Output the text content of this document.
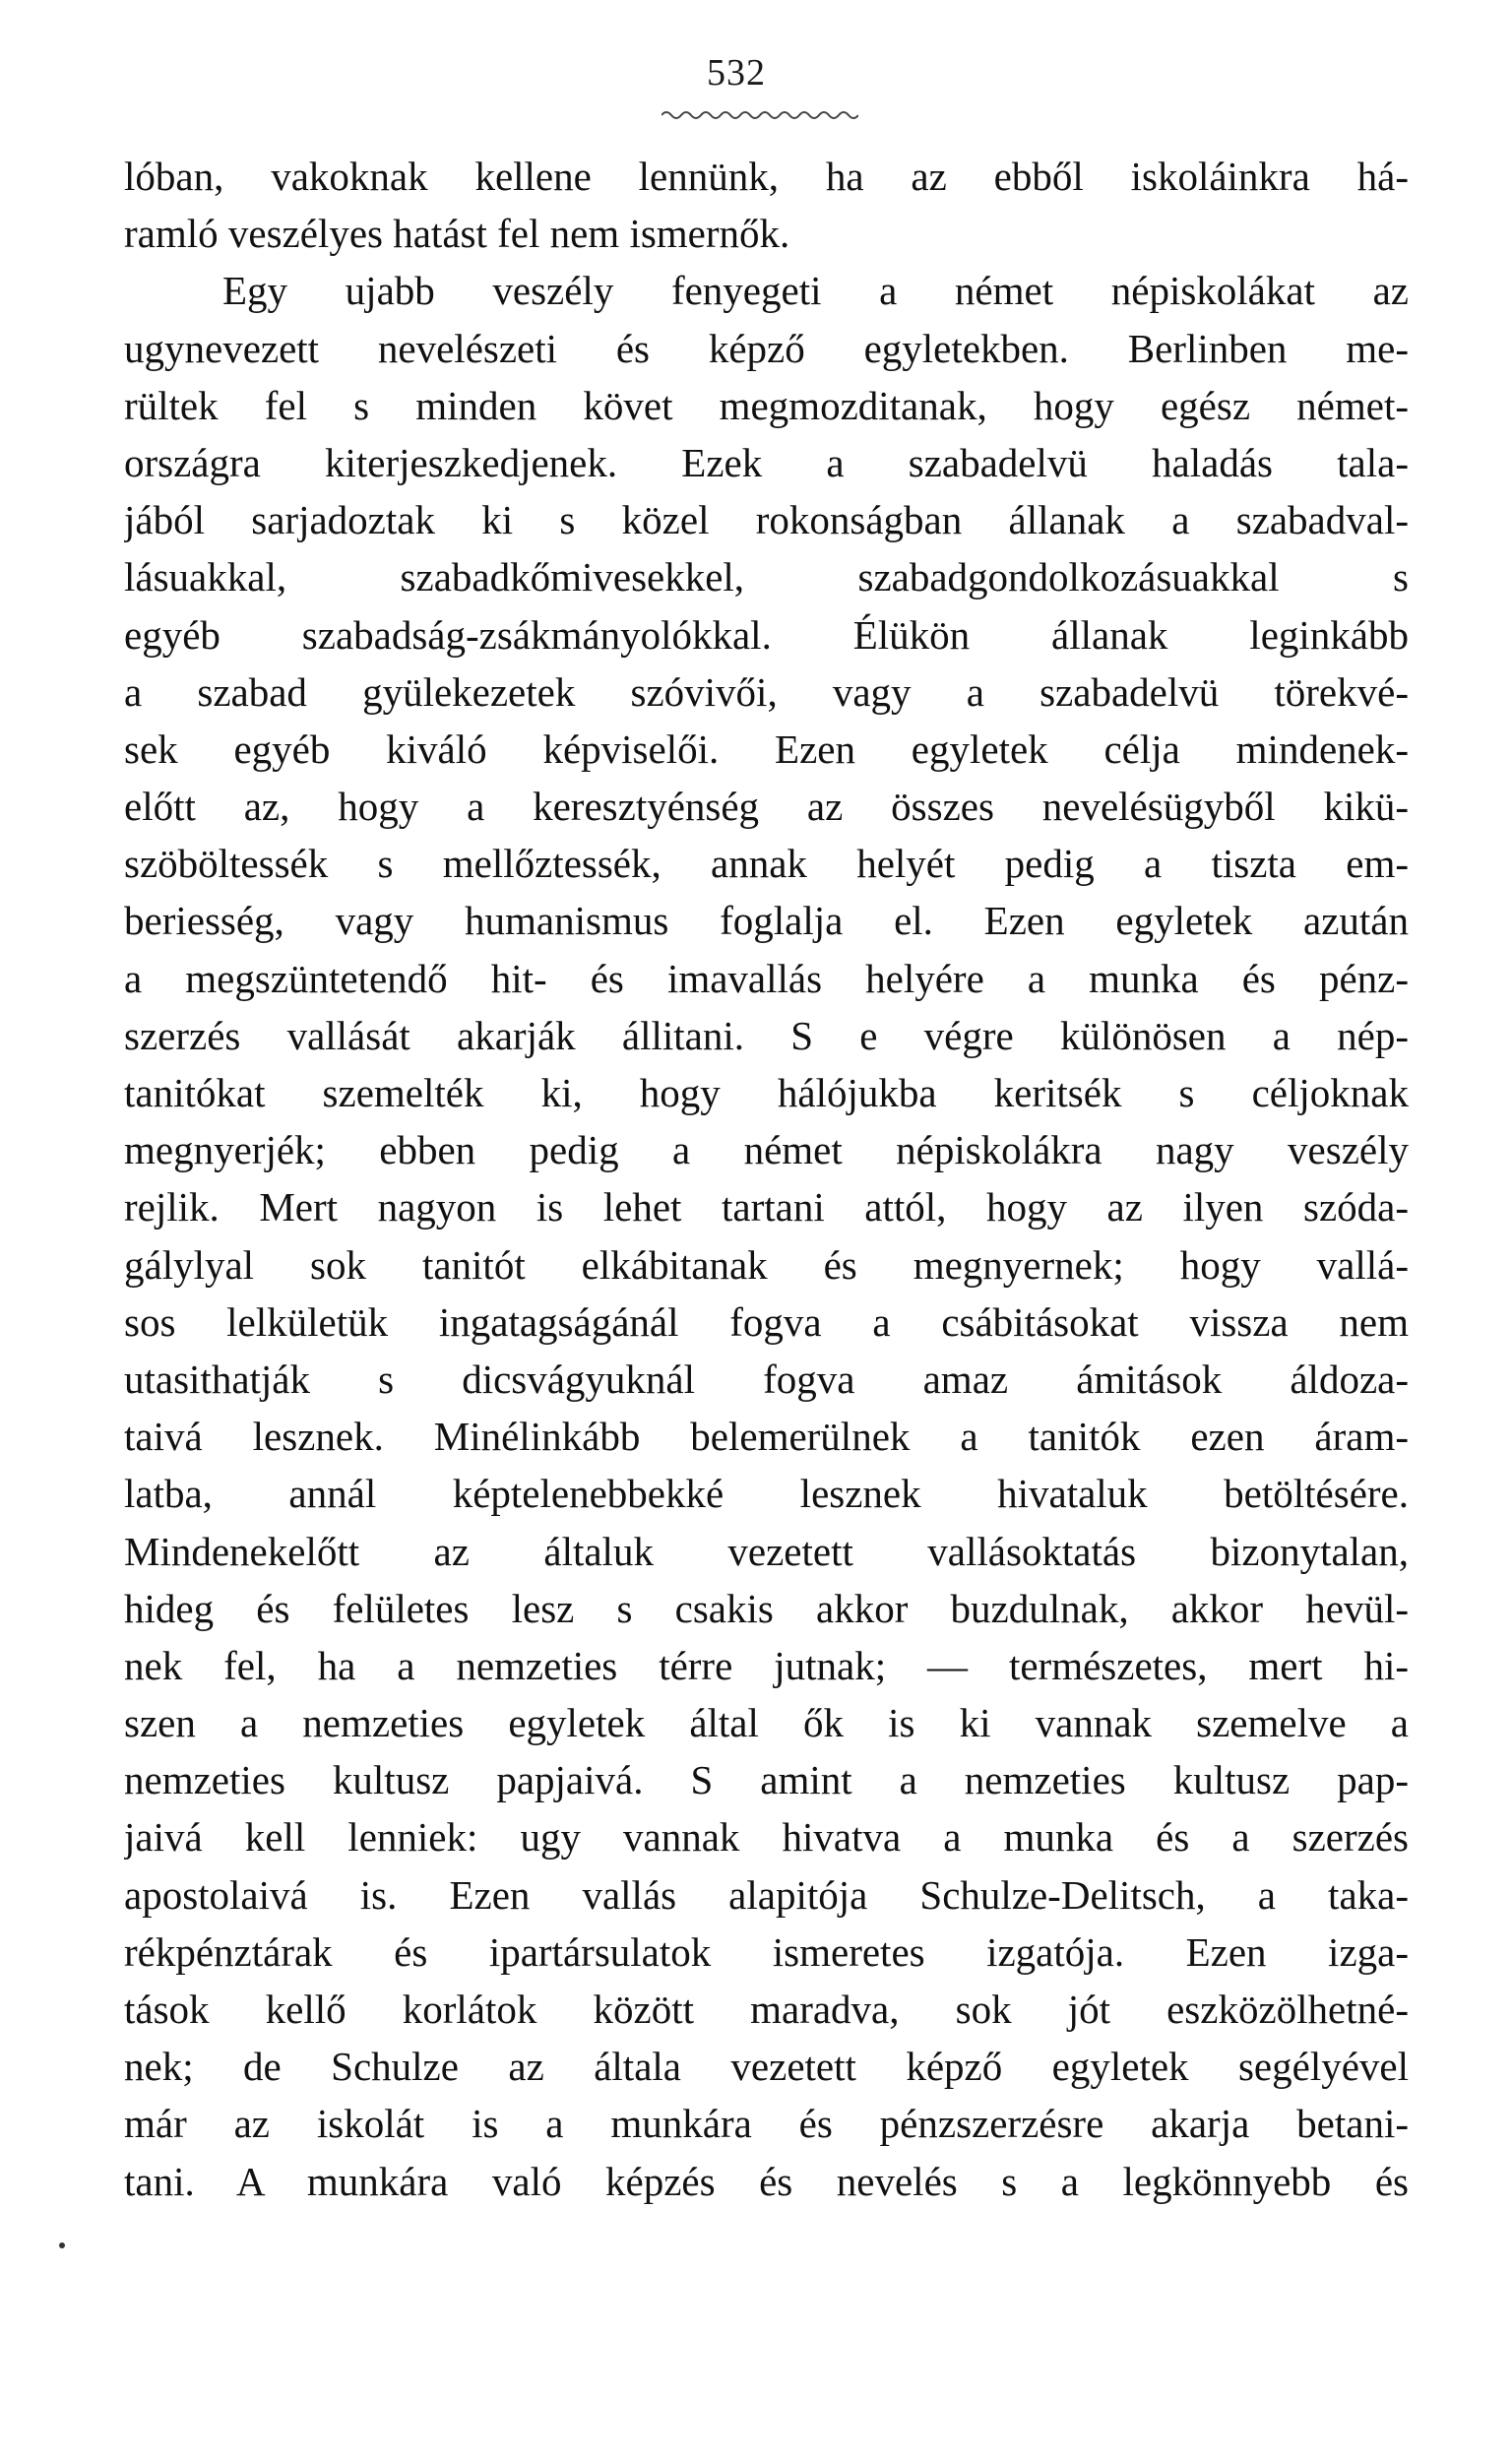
532
lóban, vakoknak kellene lennünk, ha az ebből iskoláinkra há-
ramló veszélyes hatást fel nem ismernők.
Egy ujabb veszély fenyegeti a német népiskolákat az
ugynevezett nevelészeti és képző egyletekben. Berlinben me-
rültek fel s minden követ megmozditanak, hogy egész német-
országra kiterjeszkedjenek. Ezek a szabadelvü haladás tala-
jából sarjadoztak ki s közel rokonságban állanak a szabadval-
lásuakkal, szabadkőmivesekkel, szabadgondolkozásuakkal s
egyéb szabadság-zsákmányolókkal. Élükön állanak leginkább
a szabad gyülekezetek szóvivői, vagy a szabadelvü törekvé-
sek egyéb kiváló képviselői. Ezen egyletek célja mindenek-
előtt az, hogy a keresztyénség az összes nevelésügyből kikü-
szöböltessék s mellőztessék, annak helyét pedig a tiszta em-
beriesség, vagy humanismus foglalja el. Ezen egyletek azután
a megszüntetendő hit- és imavallás helyére a munka és pénz-
szerzés vallását akarják állitani. S e végre különösen a nép-
tanitókat szemelték ki, hogy hálójukba keritsék s céljoknak
megnyerjék; ebben pedig a német népiskolákra nagy veszély
rejlik. Mert nagyon is lehet tartani attól, hogy az ilyen szóda-
gálylyal sok tanitót elkábitanak és megnyernek; hogy vallá-
sos lelkületük ingatagságánál fogva a csábitásokat vissza nem
utasithatják s dicsvágyuknál fogva amaz ámitások áldoza-
taivá lesznek. Minélinkább belemerülnek a tanitók ezen áram-
latba, annál képtelenebbekké lesznek hivataluk betöltésére.
Mindenekelőtt az általuk vezetett vallásoktatás bizonytalan,
hideg és felületes lesz s csakis akkor buzdulnak, akkor hevül-
nek fel, ha a nemzeties térre jutnak; — természetes, mert hi-
szen a nemzeties egyletek által ők is ki vannak szemelve a
nemzeties kultusz papjaivá. S amint a nemzeties kultusz pap-
jaivá kell lenniek: ugy vannak hivatva a munka és a szerzés
apostolaivá is. Ezen vallás alapitója Schulze-Delitsch, a taka-
rékpénztárak és ipartársulatok ismeretes izgatója. Ezen izga-
tások kellő korlátok között maradva, sok jót eszközölhetné-
nek; de Schulze az általa vezetett képző egyletek segélyével
már az iskolát is a munkára és pénzszerzésre akarja betani-
tani. A munkára való képzés és nevelés s a legkönnyebb és
